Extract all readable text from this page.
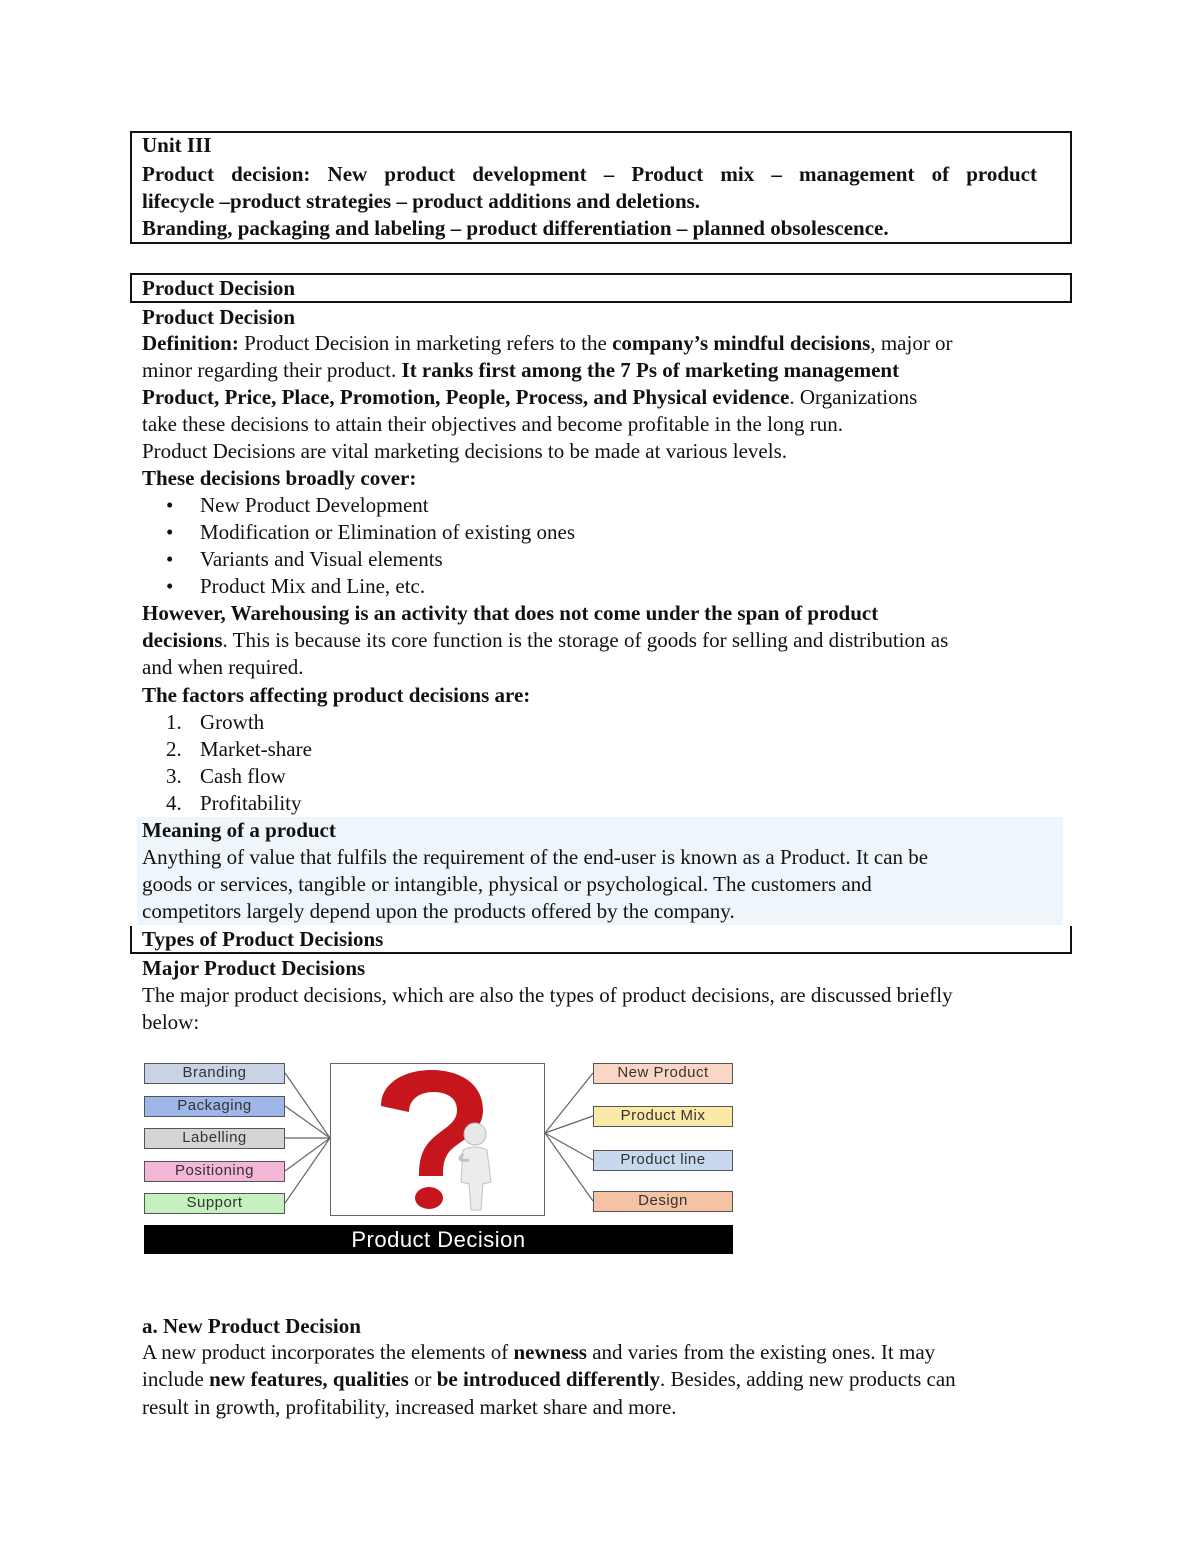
Unit III
Product decision: New product development – Product mix – management of product
lifecycle –product strategies – product additions and deletions.
Branding, packaging and labeling – product differentiation – planned obsolescence.
Product Decision
Product Decision
Definition: Product Decision in marketing refers to the company’s mindful decisions, major or
minor regarding their product. It ranks first among the 7 Ps of marketing management
Product, Price, Place, Promotion, People, Process, and Physical evidence. Organizations
take these decisions to attain their objectives and become profitable in the long run.
Product Decisions are vital marketing decisions to be made at various levels.
These decisions broadly cover:
• New Product Development
• Modification or Elimination of existing ones
• Variants and Visual elements
• Product Mix and Line, etc.
However, Warehousing is an activity that does not come under the span of product
decisions. This is because its core function is the storage of goods for selling and distribution as
and when required.
The factors affecting product decisions are:
1. Growth
2. Market-share
3. Cash flow
4. Profitability
Meaning of a product
Anything of value that fulfils the requirement of the end-user is known as a Product. It can be
goods or services, tangible or intangible, physical or psychological. The customers and
competitors largely depend upon the products offered by the company.
Types of Product Decisions
Major Product Decisions
The major product decisions, which are also the types of product decisions, are discussed briefly
below:
Branding
Packaging
Labelling
Positioning
Support
New Product
Product Mix
Product line
Design
Product Decision
a. New Product Decision
A new product incorporates the elements of newness and varies from the existing ones. It may
include new features, qualities or be introduced differently. Besides, adding new products can
result in growth, profitability, increased market share and more.
